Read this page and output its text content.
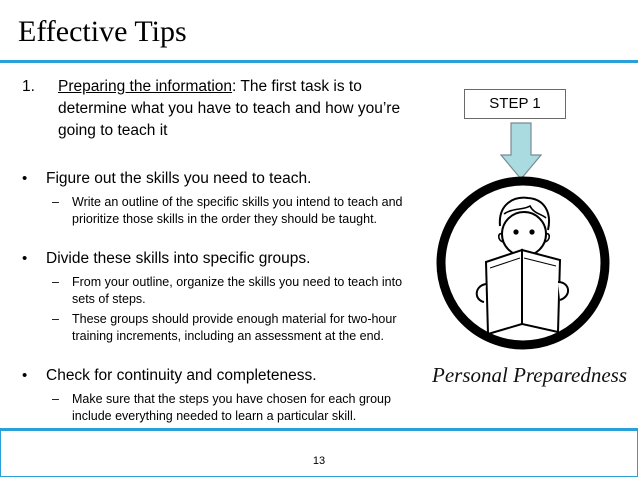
Effective Tips
1. Preparing the information: The first task is to determine what you have to teach and how you’re going to teach it
• Figure out the skills you need to teach.
– Write an outline of the specific skills you intend to teach and prioritize those skills in the order they should be taught.
• Divide these skills into specific groups.
– From your outline, organize the skills you need to teach into sets of steps.
– These groups should provide enough material for two-hour training increments, including an assessment at the end.
• Check for continuity and completeness.
– Make sure that the steps you have chosen for each group include everything needed to learn a particular skill.
STEP 1
Personal Preparedness
13
